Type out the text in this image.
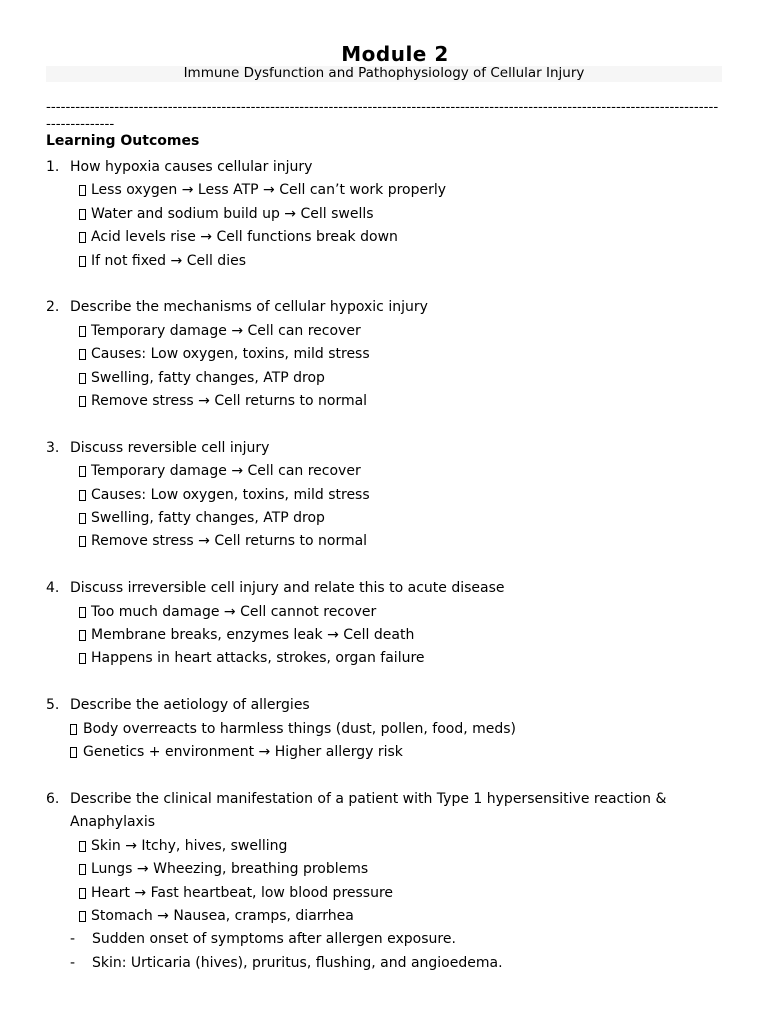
Module 2
Immune Dysfunction and Pathophysiology of Cellular Injury
--------------------------------------------------------------------------------------------------------------------------------------------------------
Learning Outcomes
1. How hypoxia causes cellular injury
Less oxygen → Less ATP → Cell can’t work properly
Water and sodium build up → Cell swells
Acid levels rise → Cell functions break down
If not fixed → Cell dies
2. Describe the mechanisms of cellular hypoxic injury
Temporary damage → Cell can recover
Causes: Low oxygen, toxins, mild stress
Swelling, fatty changes, ATP drop
Remove stress → Cell returns to normal
3. Discuss reversible cell injury
Temporary damage → Cell can recover
Causes: Low oxygen, toxins, mild stress
Swelling, fatty changes, ATP drop
Remove stress → Cell returns to normal
4. Discuss irreversible cell injury and relate this to acute disease
Too much damage → Cell cannot recover
Membrane breaks, enzymes leak → Cell death
Happens in heart attacks, strokes, organ failure
5. Describe the aetiology of allergies
Body overreacts to harmless things (dust, pollen, food, meds)
Genetics + environment → Higher allergy risk
6. Describe the clinical manifestation of a patient with Type 1 hypersensitive reaction &
Anaphylaxis
Skin → Itchy, hives, swelling
Lungs → Wheezing, breathing problems
Heart → Fast heartbeat, low blood pressure
Stomach → Nausea, cramps, diarrhea
- Sudden onset of symptoms after allergen exposure.
- Skin: Urticaria (hives), pruritus, flushing, and angioedema.
